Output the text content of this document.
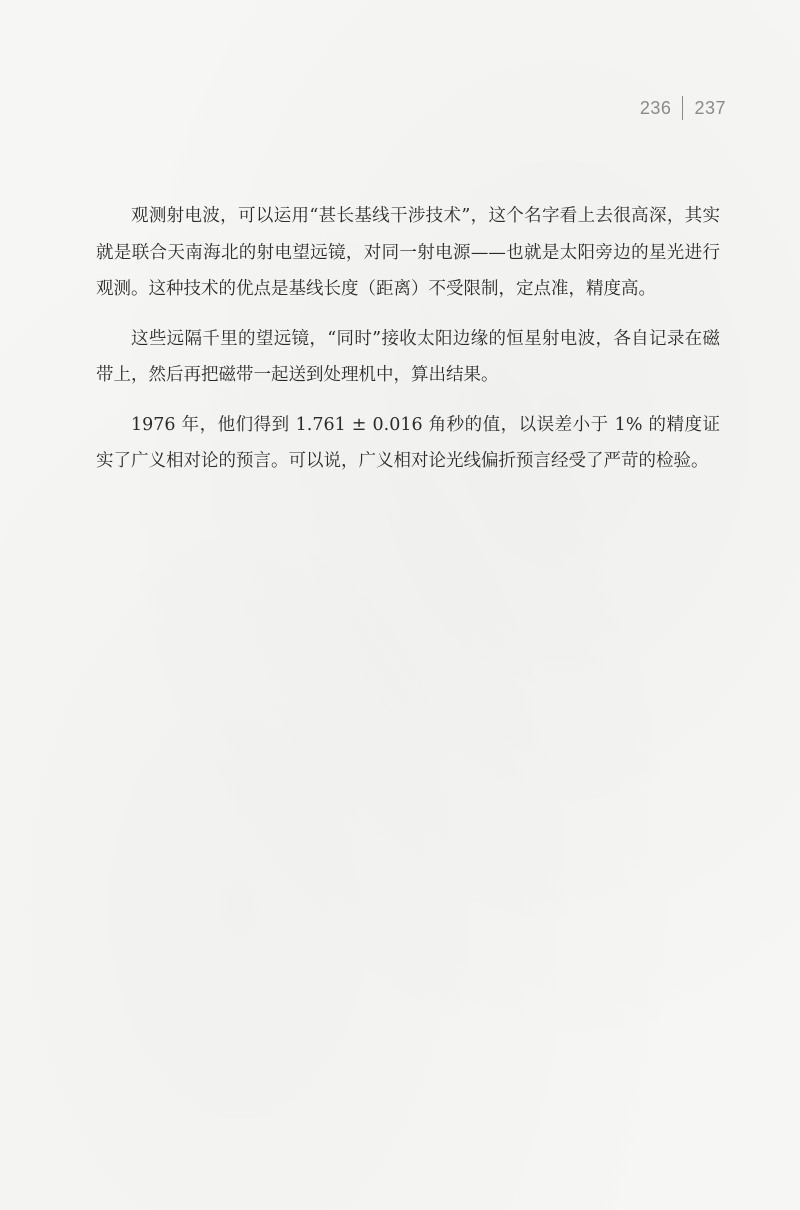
236 237

观测射电波，可以运用“甚长基线干涉技术”，这个名字看上去很高深，其实就是联合天南海北的射电望远镜，对同一射电源——也就是太阳旁边的星光进行观测。这种技术的优点是基线长度（距离）不受限制，定点准，精度高。

这些远隔千里的望远镜，“同时”接收太阳边缘的恒星射电波，各自记录在磁带上，然后再把磁带一起送到处理机中，算出结果。

1976 年，他们得到 1.761 ± 0.016 角秒的值，以误差小于 1% 的精度证实了广义相对论的预言。可以说，广义相对论光线偏折预言经受了严苛的检验。
